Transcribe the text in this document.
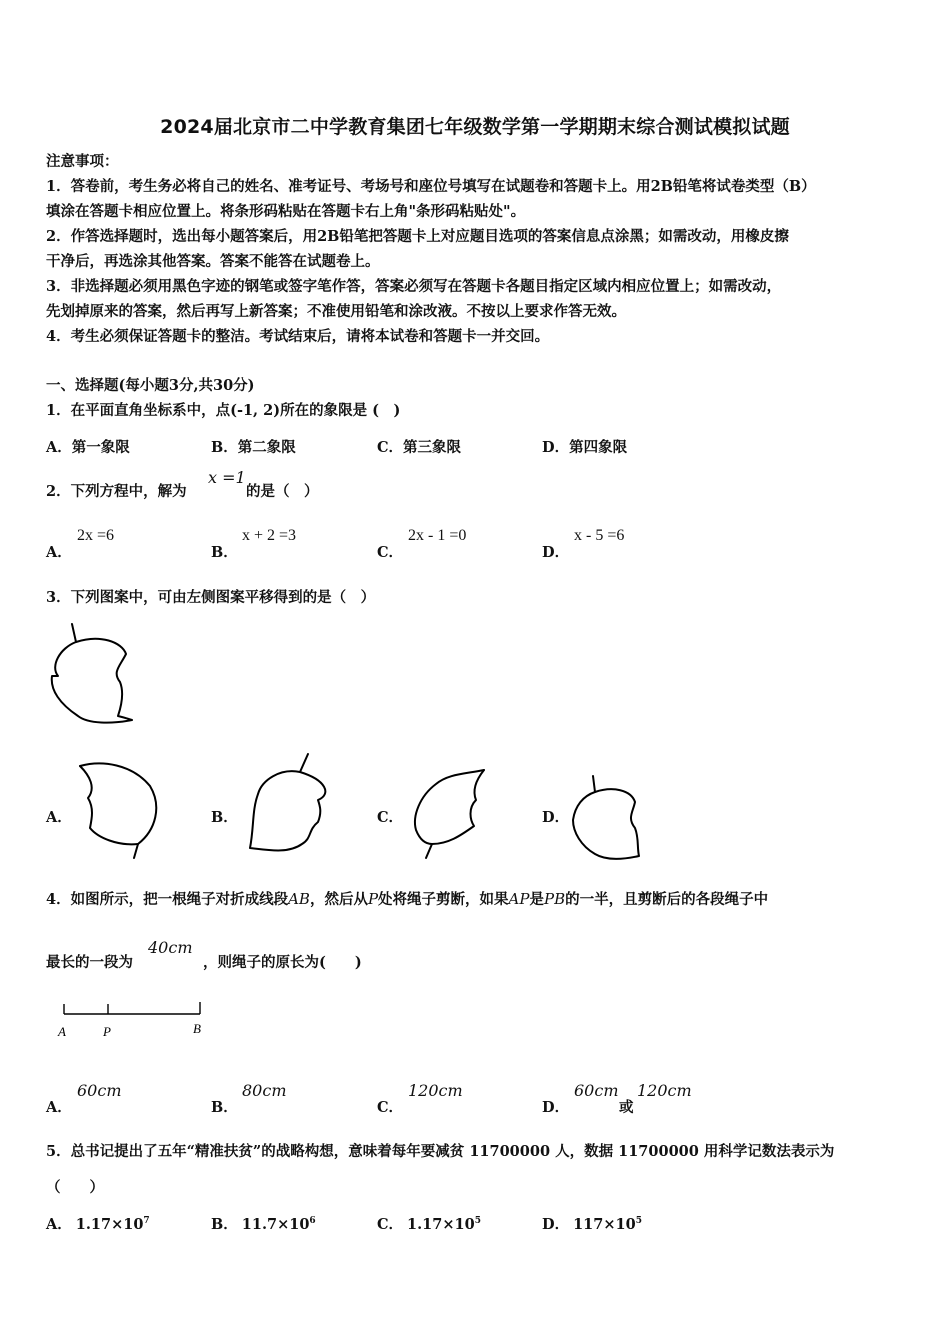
2024届北京市二中学教育集团七年级数学第一学期期末综合测试模拟试题
注意事项：
1．答卷前，考生务必将自己的姓名、准考证号、考场号和座位号填写在试题卷和答题卡上。用2B铅笔将试卷类型（B）
填涂在答题卡相应位置上。将条形码粘贴在答题卡右上角"条形码粘贴处"。
2．作答选择题时，选出每小题答案后，用2B铅笔把答题卡上对应题目选项的答案信息点涂黑；如需改动，用橡皮擦
干净后，再选涂其他答案。答案不能答在试题卷上。
3．非选择题必须用黑色字迹的钢笔或签字笔作答，答案必须写在答题卡各题目指定区域内相应位置上；如需改动，
先划掉原来的答案，然后再写上新答案；不准使用铅笔和涂改液。不按以上要求作答无效。
4．考生必须保证答题卡的整洁。考试结束后，请将本试卷和答题卡一并交回。
一、选择题(每小题3分,共30分)
1．在平面直角坐标系中，点(-1, 2)所在的象限是 (　)
A．第一象限	B．第二象限	C．第三象限	D．第四象限
2．下列方程中，解为
x =1
的是（　）
A．
2x =6
B．
x + 2 =3
C．
2x - 1 =0
D．
x - 5 =6
3．下列图案中，可由左侧图案平移得到的是（　）
A．	B．	C．	D．
4．如图所示，把一根绳子对折成线段AB，然后从P处将绳子剪断，如果AP是PB的一半，且剪断后的各段绳子中
最长的一段为
40cm
，则绳子的原长为(　　)
A	P	B
A．
60cm
B．
80cm
C．
120cm
D．
60cm
或
120cm
5．总书记提出了五年“精准扶贫”的战略构想，意味着每年要减贫 11700000 人，数据 11700000 用科学记数法表示为
（　　）
A． $1.17\times 10^7$	B． $11.7\times 10^6$	C． $1.17\times 10^5$	D． $117\times 10^5$
